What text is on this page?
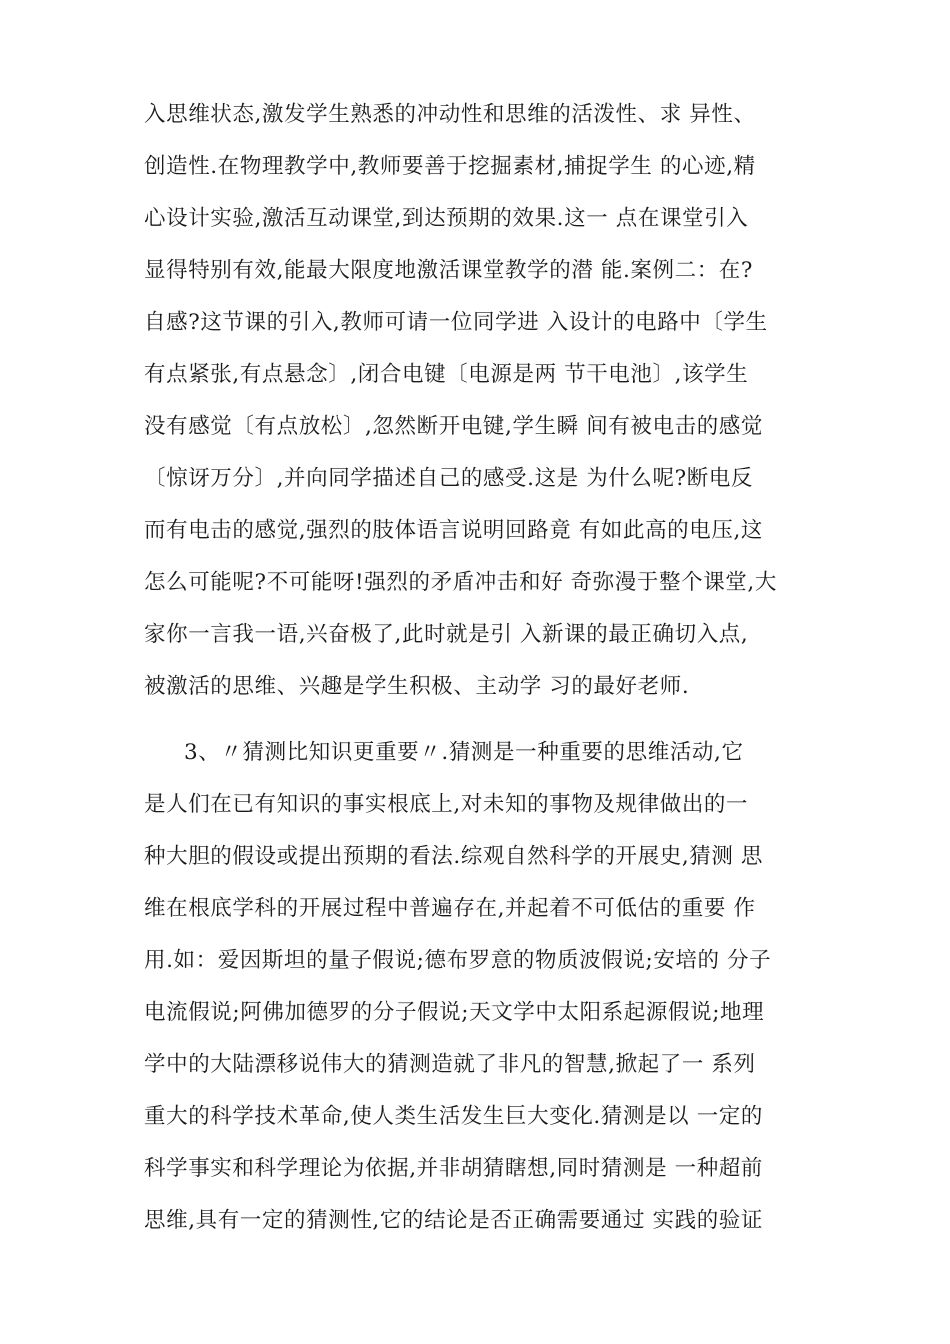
入思维状态,激发学生熟悉的冲动性和思维的活泼性、求 异性、
创造性.在物理教学中,教师要善于挖掘素材,捕捉学生 的心迹,精
心设计实验,激活互动课堂,到达预期的效果.这一 点在课堂引入
显得特别有效,能最大限度地激活课堂教学的潜 能.案例二：在?
自感?这节课的引入,教师可请一位同学进 入设计的电路中〔学生
有点紧张,有点悬念〕,闭合电键〔电源是两 节干电池〕,该学生
没有感觉〔有点放松〕,忽然断开电键,学生瞬 间有被电击的感觉
〔惊讶万分〕,并向同学描述自己的感受.这是 为什么呢?断电反
而有电击的感觉,强烈的肢体语言说明回路竟 有如此高的电压,这
怎么可能呢?不可能呀!强烈的矛盾冲击和好 奇弥漫于整个课堂,大
家你一言我一语,兴奋极了,此时就是引 入新课的最正确切入点,
被激活的思维、兴趣是学生积极、主动学 习的最好老师.
3、〃猜测比知识更重要〃.猜测是一种重要的思维活动,它
是人们在已有知识的事实根底上,对未知的事物及规律做出的一
种大胆的假设或提出预期的看法.综观自然科学的开展史,猜测 思
维在根底学科的开展过程中普遍存在,并起着不可低估的重要 作
用.如：爱因斯坦的量子假说;德布罗意的物质波假说;安培的 分子
电流假说;阿佛加德罗的分子假说;天文学中太阳系起源假说;地理
学中的大陆漂移说伟大的猜测造就了非凡的智慧,掀起了一 系列
重大的科学技术革命,使人类生活发生巨大变化.猜测是以 一定的
科学事实和科学理论为依据,并非胡猜瞎想,同时猜测是 一种超前
思维,具有一定的猜测性,它的结论是否正确需要通过 实践的验证
